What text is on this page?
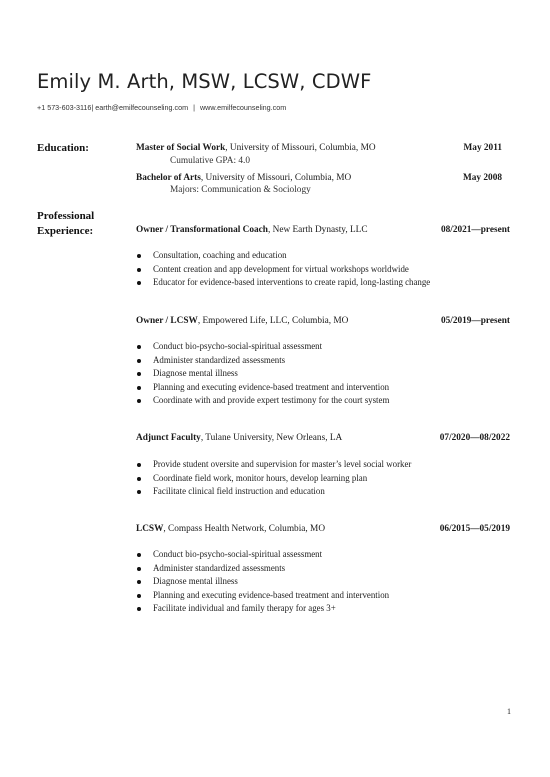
Emily M. Arth, MSW, LCSW, CDWF
+1 573-603-3116| earth@emilfecounseling.com | www.emilfecounseling.com
Education:	Master of Social Work, University of Missouri, Columbia, MO	May 2011
Cumulative GPA: 4.0
Bachelor of Arts, University of Missouri, Columbia, MO	May 2008
Majors: Communication & Sociology
Professional
Experience:	Owner / Transformational Coach, New Earth Dynasty, LLC	08/2021—present
Consultation, coaching and education
Content creation and app development for virtual workshops worldwide
Educator for evidence-based interventions to create rapid, long-lasting change
Owner / LCSW, Empowered Life, LLC, Columbia, MO	05/2019—present
Conduct bio-psycho-social-spiritual assessment
Administer standardized assessments
Diagnose mental illness
Planning and executing evidence-based treatment and intervention
Coordinate with and provide expert testimony for the court system
Adjunct Faculty, Tulane University, New Orleans, LA	07/2020—08/2022
Provide student oversite and supervision for master’s level social worker
Coordinate field work, monitor hours, develop learning plan
Facilitate clinical field instruction and education
LCSW, Compass Health Network, Columbia, MO	06/2015—05/2019
Conduct bio-psycho-social-spiritual assessment
Administer standardized assessments
Diagnose mental illness
Planning and executing evidence-based treatment and intervention
Facilitate individual and family therapy for ages 3+
1
